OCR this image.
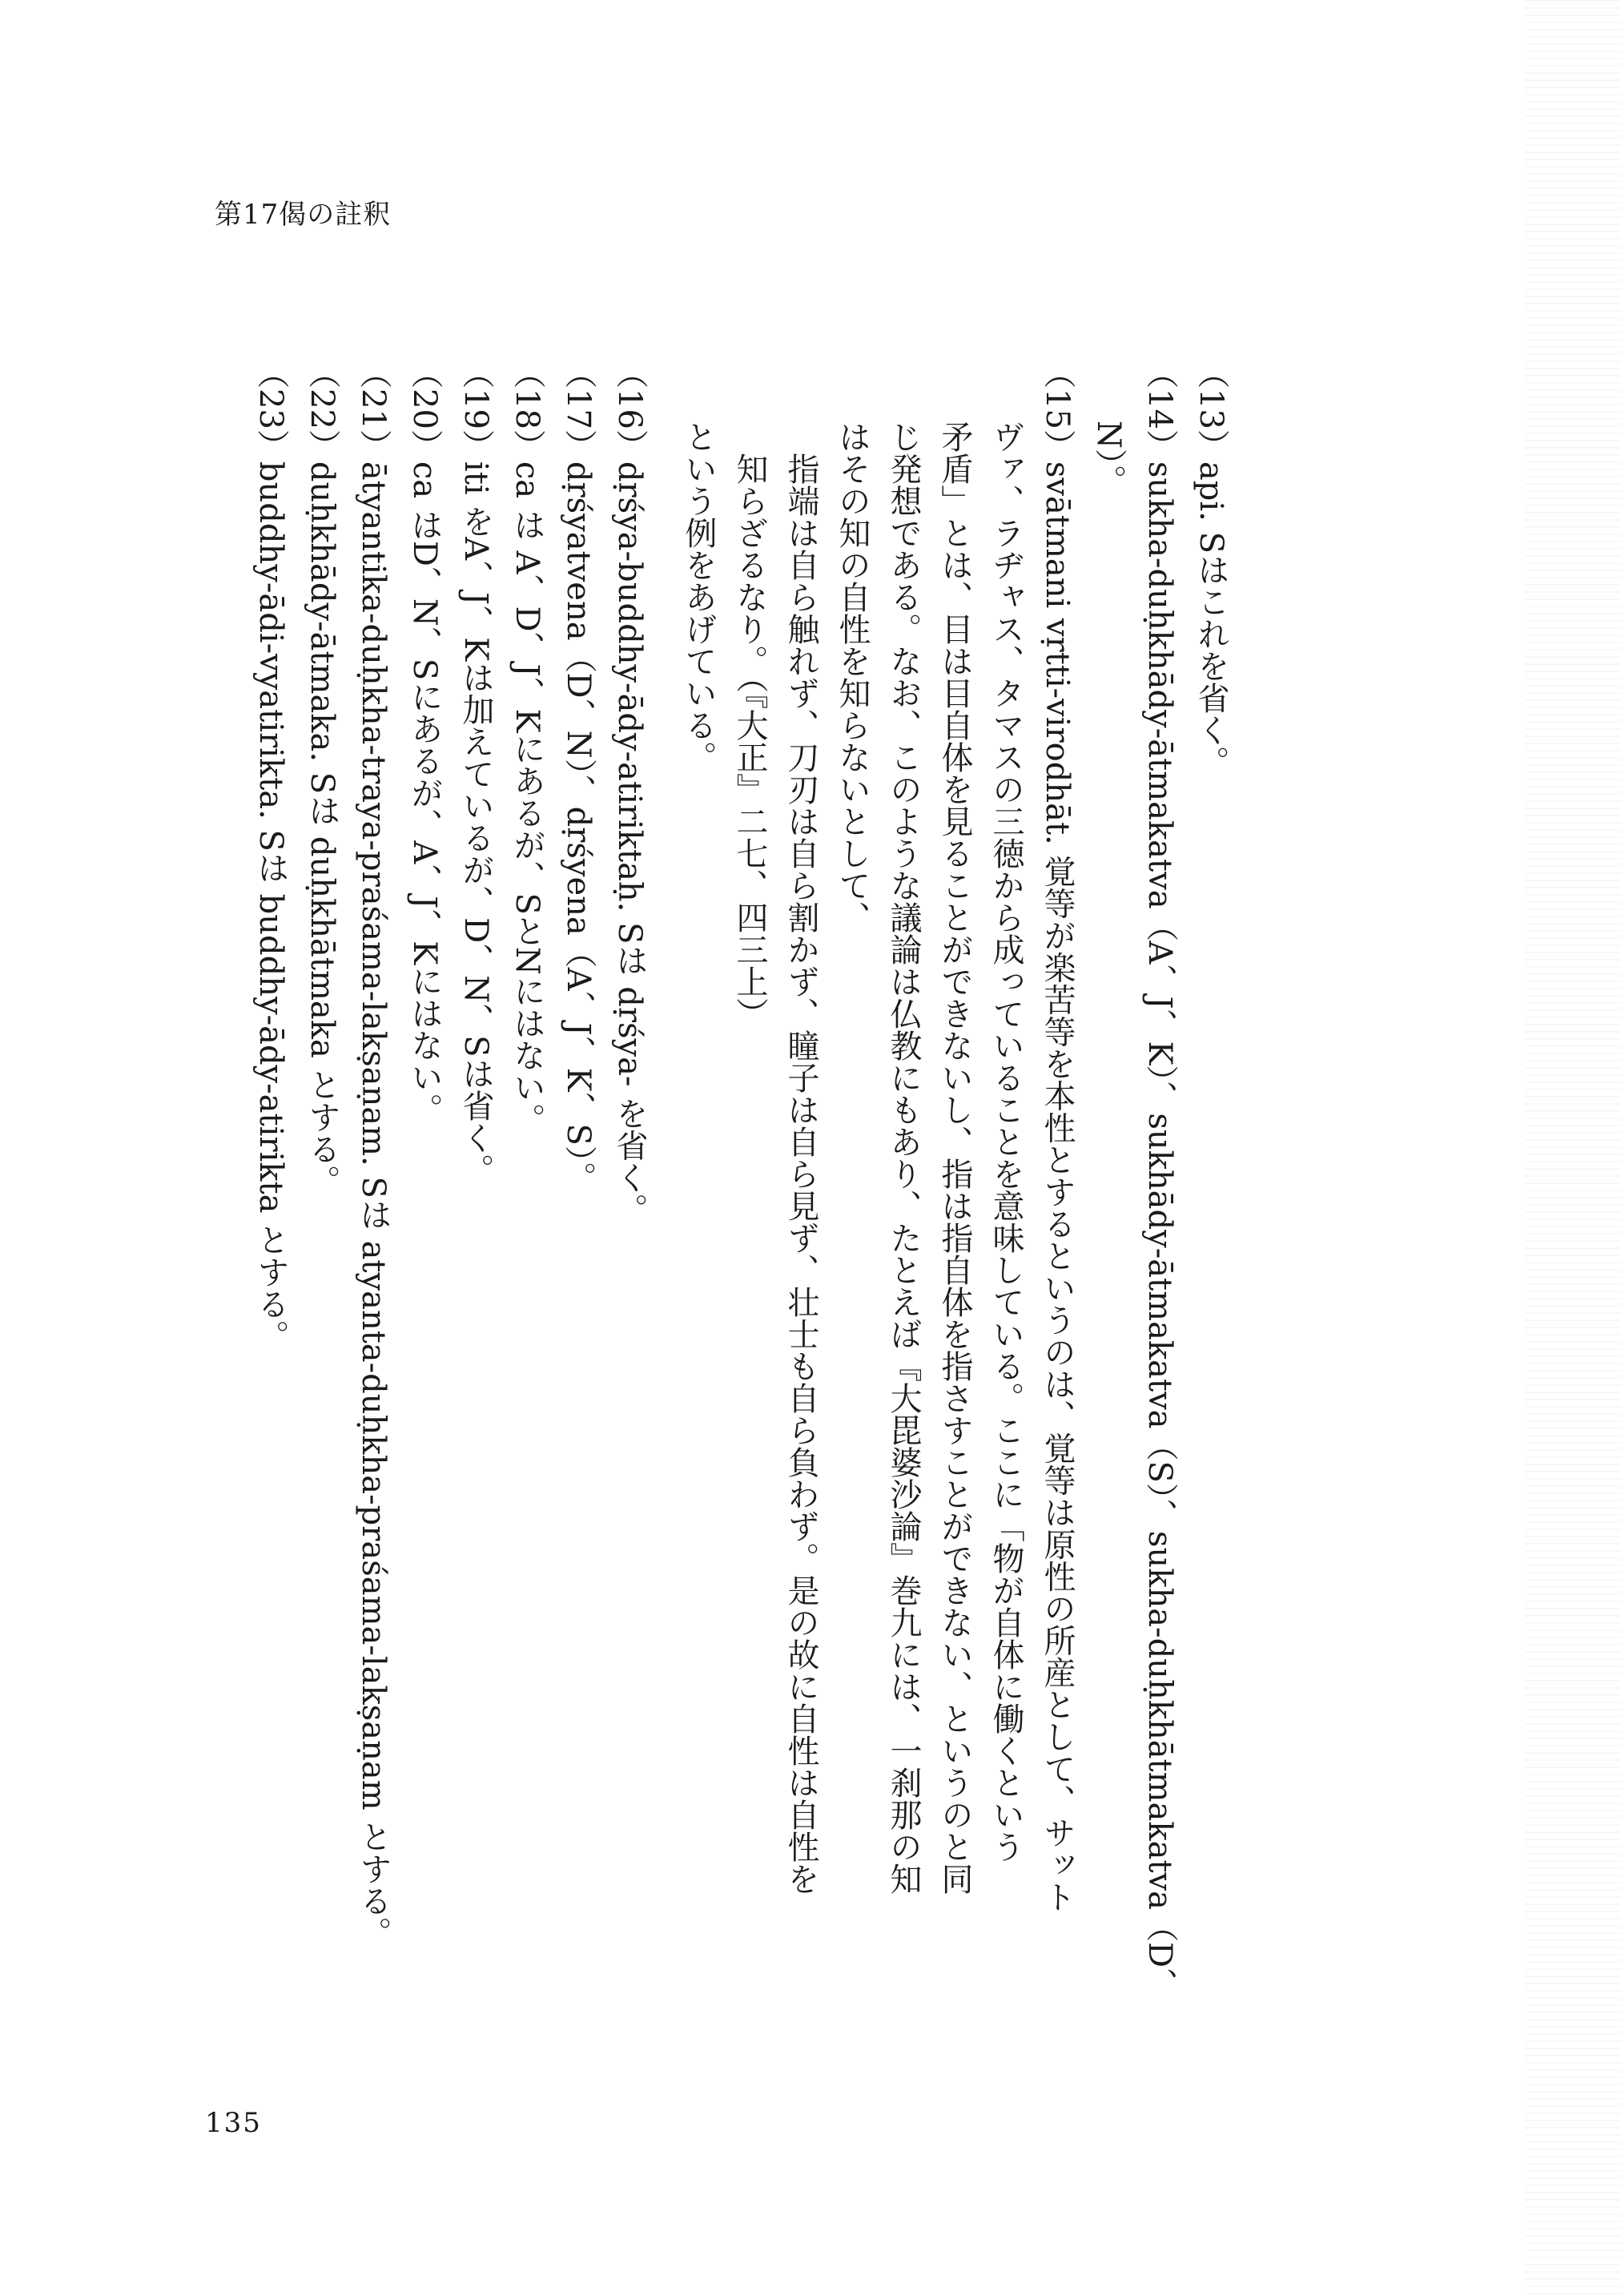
第17偈の註釈
（13）api. Sはこれを省く。
（14）sukha-duḥkhādy-ātmakatva（A、J、K）、sukhādy-ātmakatva（S）、sukha-duḥkhātmakatva（D、
　　N）。
（15）svātmani vṛtti-virodhāt. 覚等が楽苦等を本性とするというのは、覚等は原性の所産として、サット
　　ヴァ、ラヂャス、タマスの三徳から成っていることを意味している。ここに「物が自体に働くという
　　矛盾」とは、目は目自体を見ることができないし、指は指自体を指さすことができない、というのと同
　　じ発想である。なお、このような議論は仏教にもあり、たとえば『大毘婆沙論』巻九には、一刹那の知
　　はその知の自性を知らないとして、
　　　指端は自ら触れず、刀刃は自ら割かず、瞳子は自ら見ず、壮士も自ら負わず。是の故に自性は自性を
　　　知らざるなり。（『大正』二七、四三上）
　　という例をあげている。
（16）dṛśya-buddhy-ādy-atiriktaḥ. Sは dṛśya- を省く。
（17）dṛśyatvena（D、N）、dṛśyena（A、J、K、S）。
（18）ca は A、D、J、Kにあるが、SとNにはない。
（19）iti をA、J、Kは加えているが、D、N、Sは省く。
（20）ca はD、N、Sにあるが、A、J、Kにはない。
（21）ātyantika-duḥkha-traya-praśama-lakṣaṇam. Sは atyanta-duḥkha-praśama-lakṣaṇam とする。
（22）duḥkhādy-ātmaka. Sは duḥkhātmaka とする。
（23）buddhy-ādi-vyatirikta. Sは buddhy-ādy-atirikta とする。
135
